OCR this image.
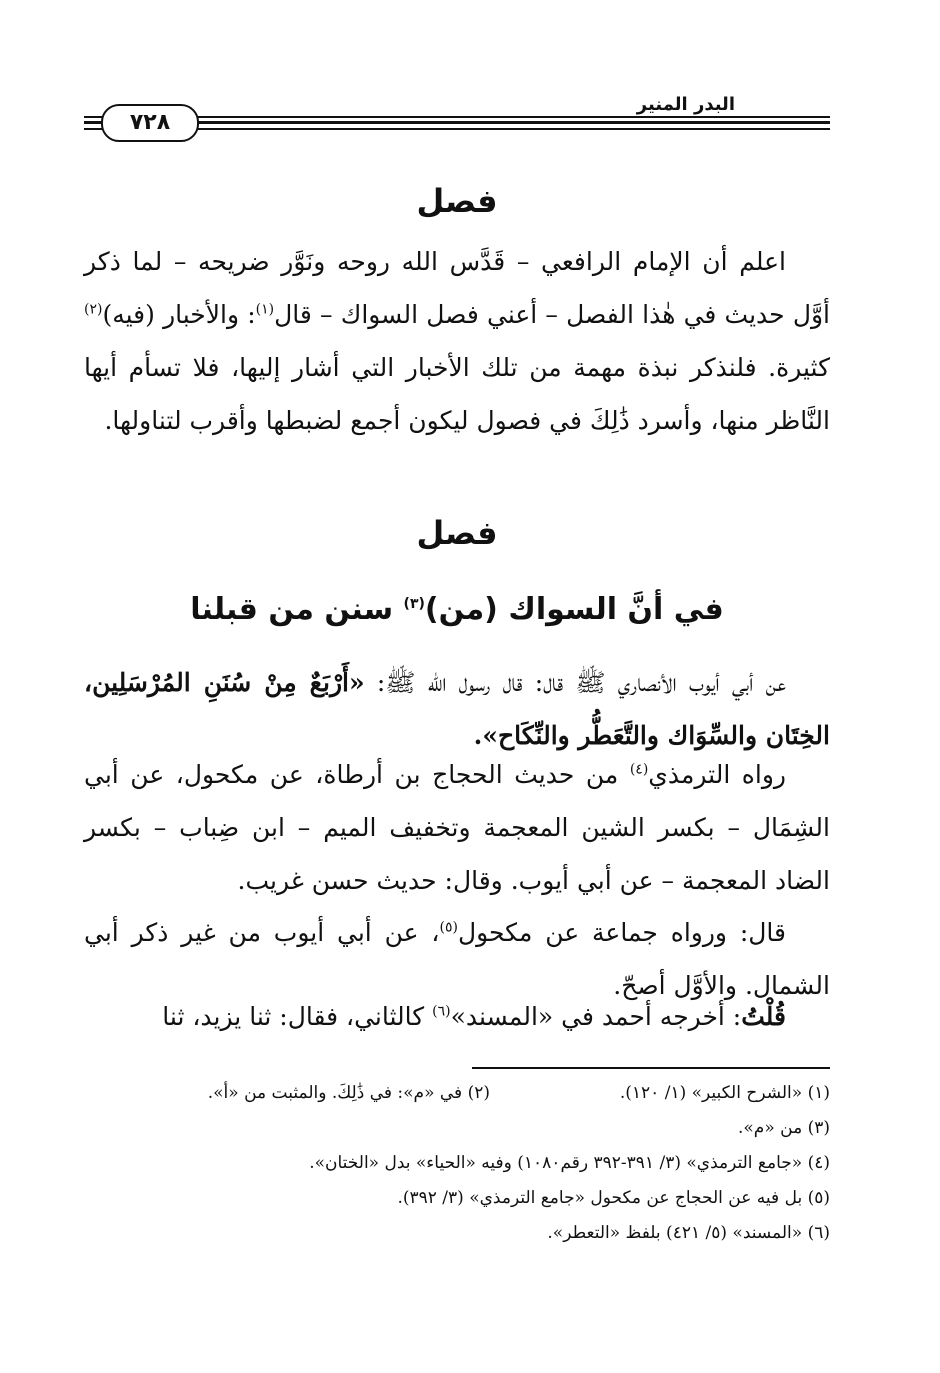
البدر المنير
٧٢٨
فصل

اعلم أن الإمام الرافعي – قَدَّس الله روحه ونَوَّر ضريحه – لما ذكر أوَّل حديث في هٰذا الفصل – أعني فصل السواك – قال$^{(١)}$: والأخبار (فيه)$^{(٢)}$ كثيرة. فلنذكر نبذة مهمة من تلك الأخبار التي أشار إليها، فلا تسأم أيها النَّاظر منها، وأسرد ذَٰلِكَ في فصول ليكون أجمع لضبطها وأقرب لتناولها.

فصل
في أنَّ السواك (من)$^{(٣)}$ سنن من قبلنا

عن أبي أيوب الأنصاري ﷺ قال: قال رسول الله ﷺ: «أَرْبَعٌ مِنْ سُنَنِ المُرْسَلِين، الخِتَان والسِّوَاك والتَّعَطُّر والنِّكَاح».

رواه الترمذي$^{(٤)}$ من حديث الحجاج بن أرطاة، عن مكحول، عن أبي الشِمَال – بكسر الشين المعجمة وتخفيف الميم – ابن ضِباب – بكسر الضاد المعجمة – عن أبي أيوب. وقال: حديث حسن غريب.

قال: ورواه جماعة عن مكحول$^{(٥)}$، عن أبي أيوب من غير ذكر أبي الشمال. والأوَّل أصحّ.

قُلْتُ: أخرجه أحمد في «المسند»$^{(٦)}$ كالثاني، فقال: ثنا يزيد، ثنا

(١) «الشرح الكبير» (١/ ١٢٠).
(٢) في «م»: في ذَٰلِكَ. والمثبت من «أ».
(٣) من «م».
(٤) «جامع الترمذي» (٣/ ٣٩١-٣٩٢ رقم١٠٨٠) وفيه «الحياء» بدل «الختان».
(٥) بل فيه عن الحجاج عن مكحول «جامع الترمذي» (٣/ ٣٩٢).
(٦) «المسند» (٥/ ٤٢١) بلفظ «التعطر».
